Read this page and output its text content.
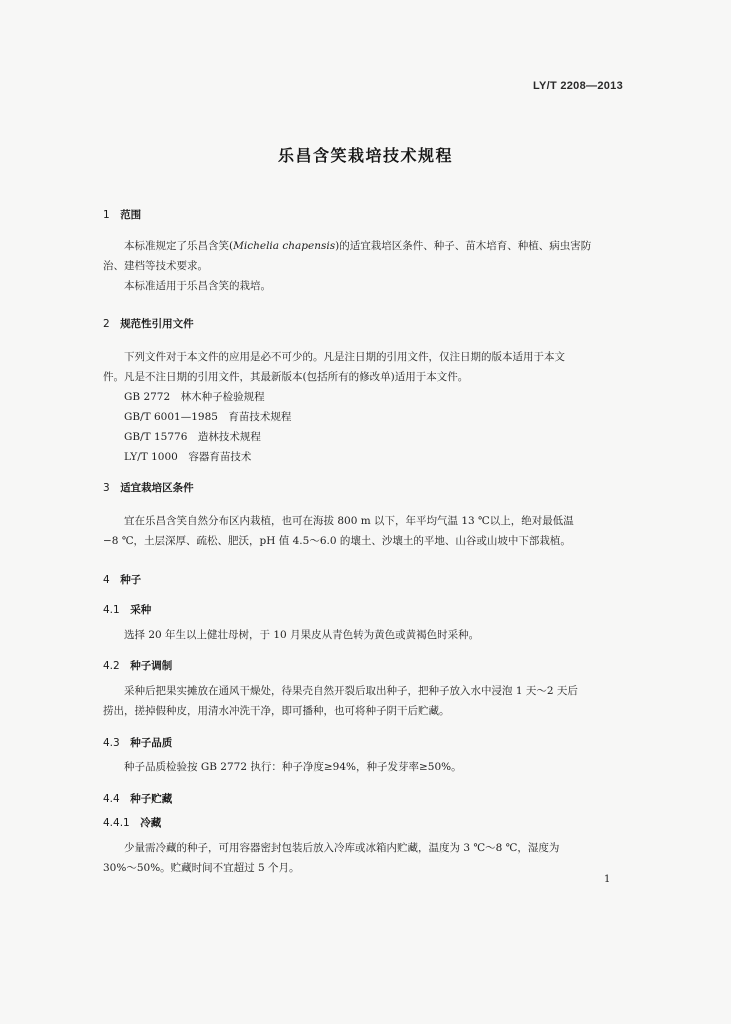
LY/T 2208—2013
乐昌含笑栽培技术规程
1　 范围
本标准规定了乐昌含笑(Michelia chapensis)的适宜栽培区条件、种子、苗木培育、种植、病虫害防
治、建档等技术要求。
本标准适用于乐昌含笑的栽培。
2　 规范性引用文件
下列文件对于本文件的应用是必不可少的。凡是注日期的引用文件，仅注日期的版本适用于本文
件。凡是不注日期的引用文件，其最新版本(包括所有的修改单)适用于本文件。
GB 2772　林木种子检验规程
GB/T 6001—1985　育苗技术规程
GB/T 15776　造林技术规程
LY/T 1000　容器育苗技术
3　 适宜栽培区条件
宜在乐昌含笑自然分布区内栽植，也可在海拔 800 m 以下，年平均气温 13 ℃以上，绝对最低温
−8 ℃，土层深厚、疏松、肥沃，pH 值 4.5～6.0 的壤土、沙壤土的平地、山谷或山坡中下部栽植。
4　 种子
4.1　 采种
选择 20 年生以上健壮母树，于 10 月果皮从青色转为黄色或黄褐色时采种。
4.2　 种子调制
采种后把果实摊放在通风干燥处，待果壳自然开裂后取出种子，把种子放入水中浸泡 1 天～2 天后
捞出，搓掉假种皮，用清水冲洗干净，即可播种，也可将种子阴干后贮藏。
4.3　 种子品质
种子品质检验按 GB 2772 执行：种子净度≥94%，种子发芽率≥50%。
4.4　 种子贮藏
4.4.1　 冷藏
少量需冷藏的种子，可用容器密封包装后放入冷库或冰箱内贮藏，温度为 3 ℃～8 ℃，湿度为
30%～50%。贮藏时间不宜超过 5 个月。
1
